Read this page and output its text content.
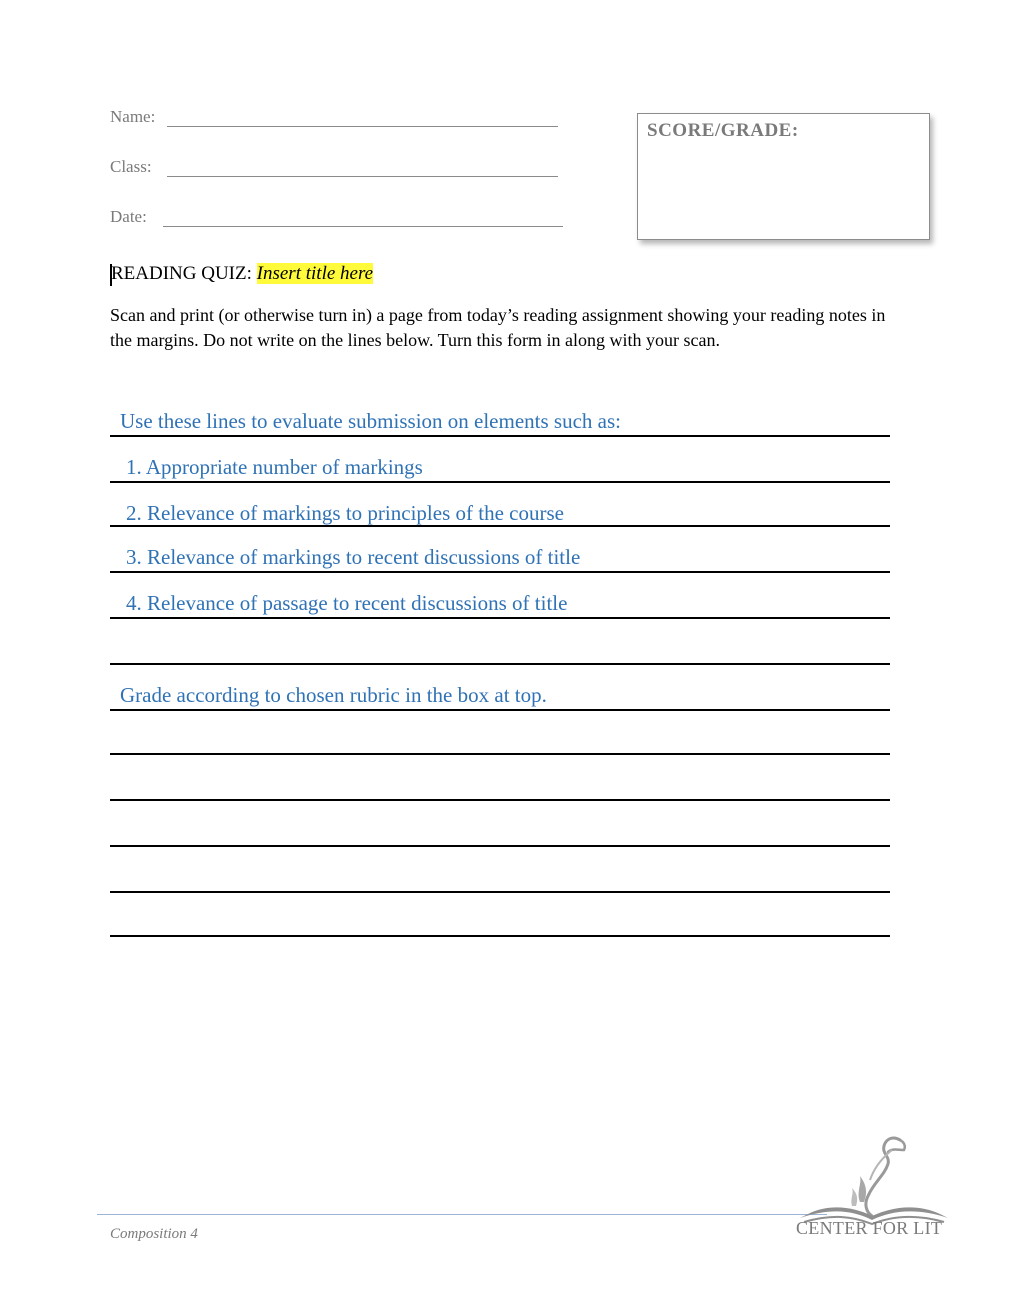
Name:
Class:
Date:
SCORE/GRADE:
READING QUIZ: Insert title here
Scan and print (or otherwise turn in) a page from today’s reading assignment showing your reading notes in the margins. Do not write on the lines below. Turn this form in along with your scan.
Use these lines to evaluate submission on elements such as:
1. Appropriate number of markings
2. Relevance of markings to principles of the course
3. Relevance of markings to recent discussions of title
4. Relevance of passage to recent discussions of title
Grade according to chosen rubric in the box at top.
Composition 4	CENTER FOR LIT
